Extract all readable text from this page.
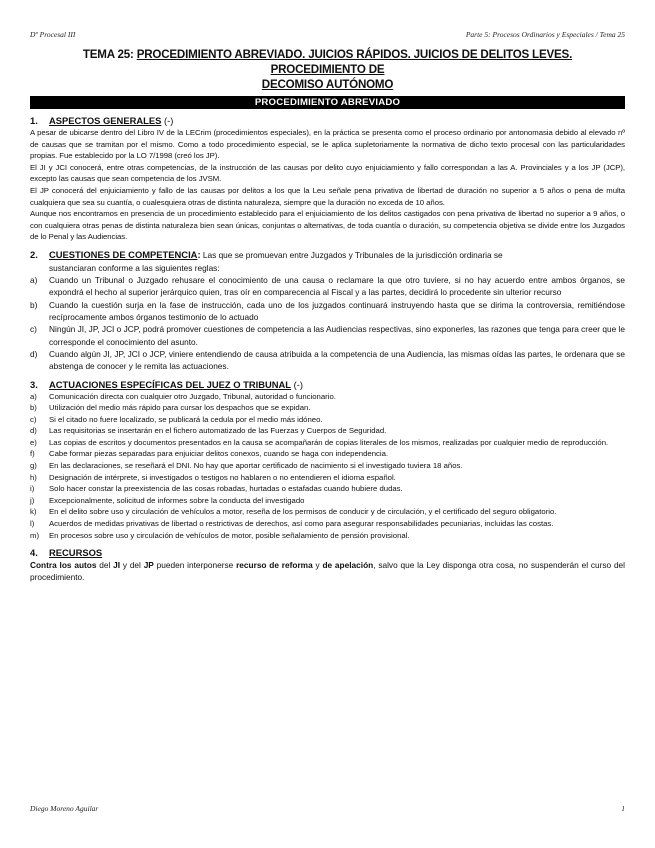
Dº Procesal III	Parte 5: Procesos Ordinarios y Especiales / Tema 25
TEMA 25: PROCEDIMIENTO ABREVIADO. JUICIOS RÁPIDOS. JUICIOS DE DELITOS LEVES. PROCEDIMIENTO DE
DECOMISO AUTÓNOMO
PROCEDIMIENTO ABREVIADO
1.	ASPECTOS GENERALES (-)

A pesar de ubicarse dentro del Libro IV de la LECrim (procedimientos especiales), en la práctica se presenta como el proceso ordinario por antonomasia debido al elevado nº de causas que se tramitan por el mismo. Como a todo procedimiento especial, se le aplica supletoriamente la normativa de dicho texto procesal con las particularidades propias. Fue establecido por la LO 7/1998 (creó los JP).

El JI y JCI conocerá, entre otras competencias, de la instrucción de las causas por delito cuyo enjuiciamiento y fallo correspondan a las A. Provinciales y a los JP (JCP), excepto las causas que sean competencia de los JVSM.

El JP conocerá del enjuiciamiento y fallo de las causas por delitos a los que la Leu señale pena privativa de libertad de duración no superior a 5 años o pena de multa cualquiera que sea su cuantía, o cualesquiera otras de distinta naturaleza, siempre que la duración no exceda de 10 años.

Aunque nos encontramos en presencia de un procedimiento establecido para el enjuiciamiento de los delitos castigados con pena privativa de libertad no superior a 9 años, o con cualquiera otras penas de distinta naturaleza bien sean únicas, conjuntas o alternativas, de toda cuantía o duración, su competencia objetiva se divide entre los Juzgados de lo Penal y las Audiencias.

2.	CUESTIONES DE COMPETENCIA: Las que se promuevan entre Juzgados y Tribunales de la jurisdicción ordinaria se
sustanciaran conforme a las siguientes reglas:
a)	Cuando un Tribunal o Juzgado rehusare el conocimiento de una causa o reclamare la que otro tuviere, si no hay acuerdo entre ambos órganos, se expondrá el hecho al superior jerárquico quien, tras oír en comparecencia al Fiscal y a las partes, decidirá lo procedente sin ulterior recurso
b)	Cuando la cuestión surja en la fase de instrucción, cada uno de los juzgados continuará instruyendo hasta que se dirima la controversia, remitiéndose recíprocamente ambos órganos testimonio de lo actuado
c)	Ningún JI, JP, JCI o JCP, podrá promover cuestiones de competencia a las Audiencias respectivas, sino exponerles, las razones que tenga para creer que le corresponde el conocimiento del asunto.
d)	Cuando algún JI, JP, JCI o JCP, viniere entendiendo de causa atribuida a la competencia de una Audiencia, las mismas oídas las partes, le ordenara que se abstenga de conocer y le remita las actuaciones.
3.	ACTUACIONES ESPECÍFICAS DEL JUEZ O TRIBUNAL (-)
a)	Comunicación directa con cualquier otro Juzgado, Tribunal, autoridad o funcionario.
b)	Utilización del medio más rápido para cursar los despachos que se expidan.
c)	Si el citado no fuere localizado, se publicará la cedula por el medio más idóneo.
d)	Las requisitorias se insertarán en el fichero automatizado de las Fuerzas y Cuerpos de Seguridad.
e)	Las copias de escritos y documentos presentados en la causa se acompañarán de copias literales de los mismos, realizadas por cualquier medio de reproducción.
f)	Cabe formar piezas separadas para enjuiciar delitos conexos, cuando se haga con independencia.
g)	En las declaraciones, se reseñará el DNI. No hay que aportar certificado de nacimiento si el investigado tuviera 18 años.
h)	Designación de intérprete, si investigados o testigos no hablaren o no entendieren el idioma español.
i)	Solo hacer constar la preexistencia de las cosas robadas, hurtadas o estafadas cuando hubiere dudas.
j)	Excepcionalmente, solicitud de informes sobre la conducta del investigado
k)	En el delito sobre uso y circulación de vehículos a motor, reseña de los permisos de conducir y de circulación, y el certificado del seguro obligatorio.
l)	Acuerdos de medidas privativas de libertad o restrictivas de derechos, así como para asegurar responsabilidades pecuniarias, incluidas las costas.
m)	En procesos sobre uso y circulación de vehículos de motor, posible señalamiento de pensión provisional.
4.	RECURSOS
Contra los autos del JI y del JP pueden interponerse recurso de reforma y de apelación, salvo que la Ley disponga otra cosa, no suspenderán el curso del procedimiento.
Diego Moreno Aguilar	1
